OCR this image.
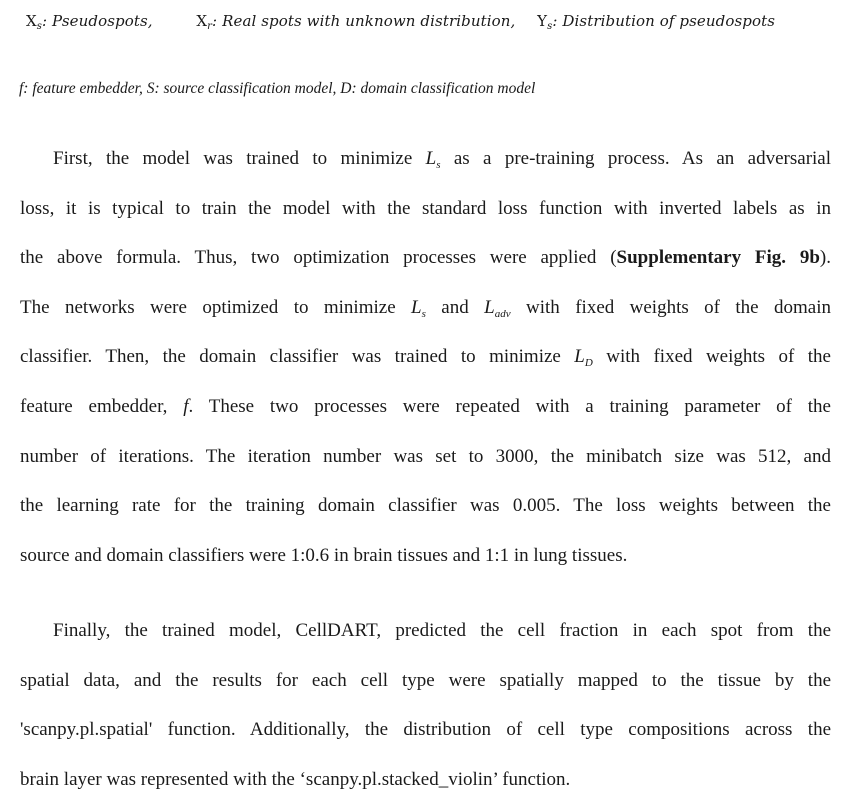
$X_s$: Pseudospots,	$X_r$: Real spots with unknown distribution, $Y_s$: Distribution of pseudospots
f: feature embedder, S: source classification model, D: domain classification model
First, the model was trained to minimize $L_s$ as a pre-training process. As an adversarial
loss, it is typical to train the model with the standard loss function with inverted labels as in
the above formula. Thus, two optimization processes were applied (Supplementary Fig. 9b).
The networks were optimized to minimize $L_s$ and $L_{adv}$ with fixed weights of the domain
classifier. Then, the domain classifier was trained to minimize $L_D$ with fixed weights of the
feature embedder, f. These two processes were repeated with a training parameter of the
number of iterations. The iteration number was set to 3000, the minibatch size was 512, and
the learning rate for the training domain classifier was 0.005. The loss weights between the
source and domain classifiers were 1:0.6 in brain tissues and 1:1 in lung tissues.
Finally, the trained model, CellDART, predicted the cell fraction in each spot from the
spatial data, and the results for each cell type were spatially mapped to the tissue by the
'scanpy.pl.spatial' function. Additionally, the distribution of cell type compositions across the
brain layer was represented with the ‘scanpy.pl.stacked_violin’ function.
